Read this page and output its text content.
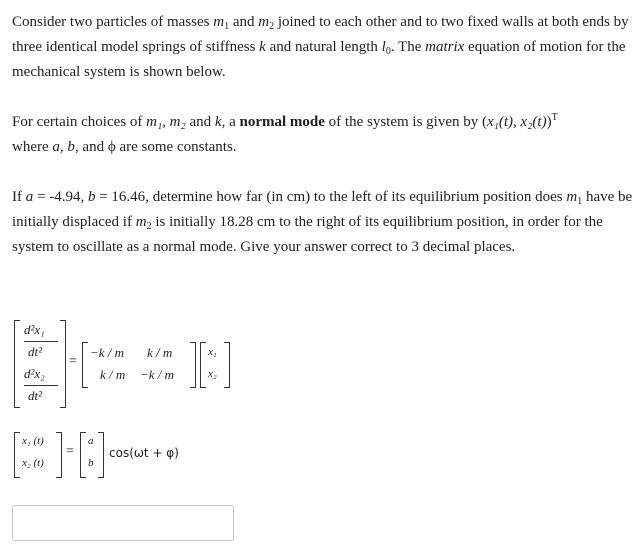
Consider two particles of masses $m_1$ and $m_2$ joined to each other and to two fixed walls at both ends by three identical model springs of stiffness k and natural length $l_0$. The matrix equation of motion for the mechanical system is shown below.

For certain choices of m₁, m₂ and k, a normal mode of the system is given by (x₁(t), x₂(t))$^T$
where a, b, and ϕ are some constants.

If a = -4.94, b = 16.46, determine how far (in cm) to the left of its equilibrium position does $m_1$ have be initially displaced if $m_2$ is initially 18.28 cm to the right of its equilibrium position, in order for the system to oscillate as a normal mode. Give your answer correct to 3 decimal places.

d²x₁
dt²
d²x₂
dt²
=
−k / m k / m
k / m −k / m
x₁
x₂
x₁ (t)
x₂ (t)
=
a
b
cos(ωt + φ)
